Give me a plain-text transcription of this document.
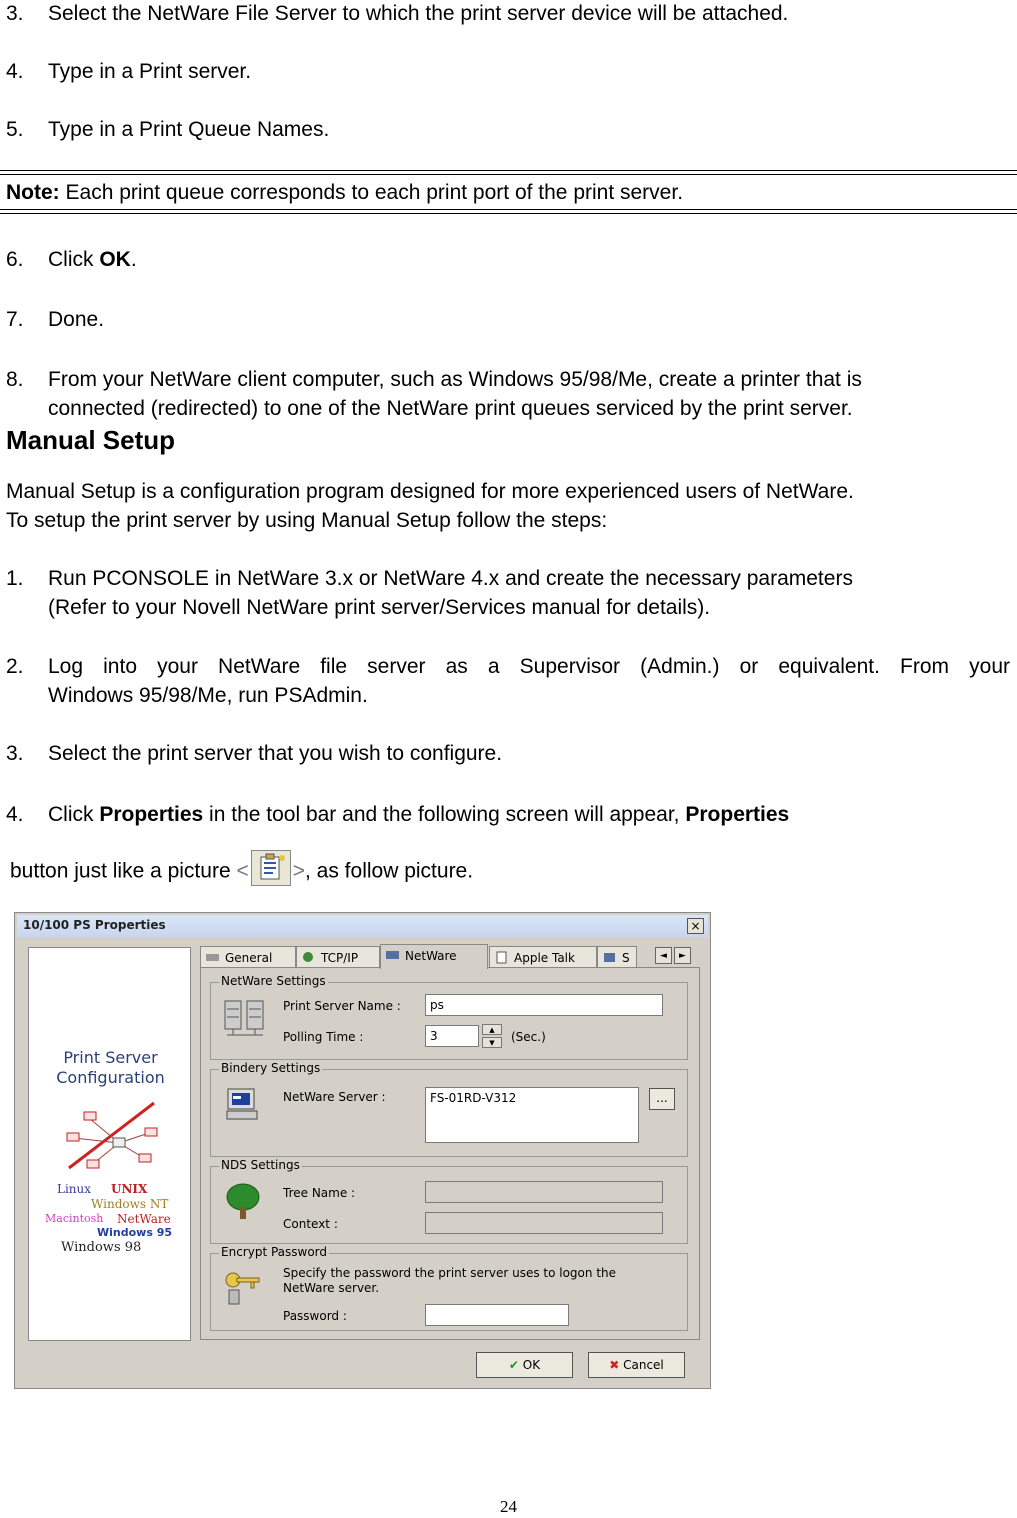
3. Select the NetWare File Server to which the print server device will be attached.
4. Type in a Print server.
5. Type in a Print Queue Names.
Note: Each print queue corresponds to each print port of the print server.
6. Click OK.
7. Done.
8. From your NetWare client computer, such as Windows 95/98/Me, create a printer that is
connected (redirected) to one of the NetWare print queues serviced by the print server.
Manual Setup
Manual Setup is a configuration program designed for more experienced users of NetWare.
To setup the print server by using Manual Setup follow the steps:
1. Run PCONSOLE in NetWare 3.x or NetWare 4.x and create the necessary parameters
(Refer to your Novell NetWare print server/Services manual for details).
2. Log into your NetWare file server as a Supervisor (Admin.) or equivalent. From your
Windows 95/98/Me, run PSAdmin.
3. Select the print server that you wish to configure.
4. Click Properties in the tool bar and the following screen will appear, Properties
button just like a picture < >, as follow picture.
10/100 PS Properties	×
Print Server
Configuration
Linux UNIX
Windows NT
Macintosh NetWare
Windows 95
Windows 98
General	TCP/IP	NetWare	Apple Talk	S	◄	►
NetWare Settings
Print Server Name :	ps
Polling Time :	3	▲
▼	(Sec.)
Bindery Settings
NetWare Server :	FS-01RD-V312	...
NDS Settings
Tree Name :
Context :
Encrypt Password
Specify the password the print server uses to logon the
NetWare server.
Password :
✔ OK	✖ Cancel
24
